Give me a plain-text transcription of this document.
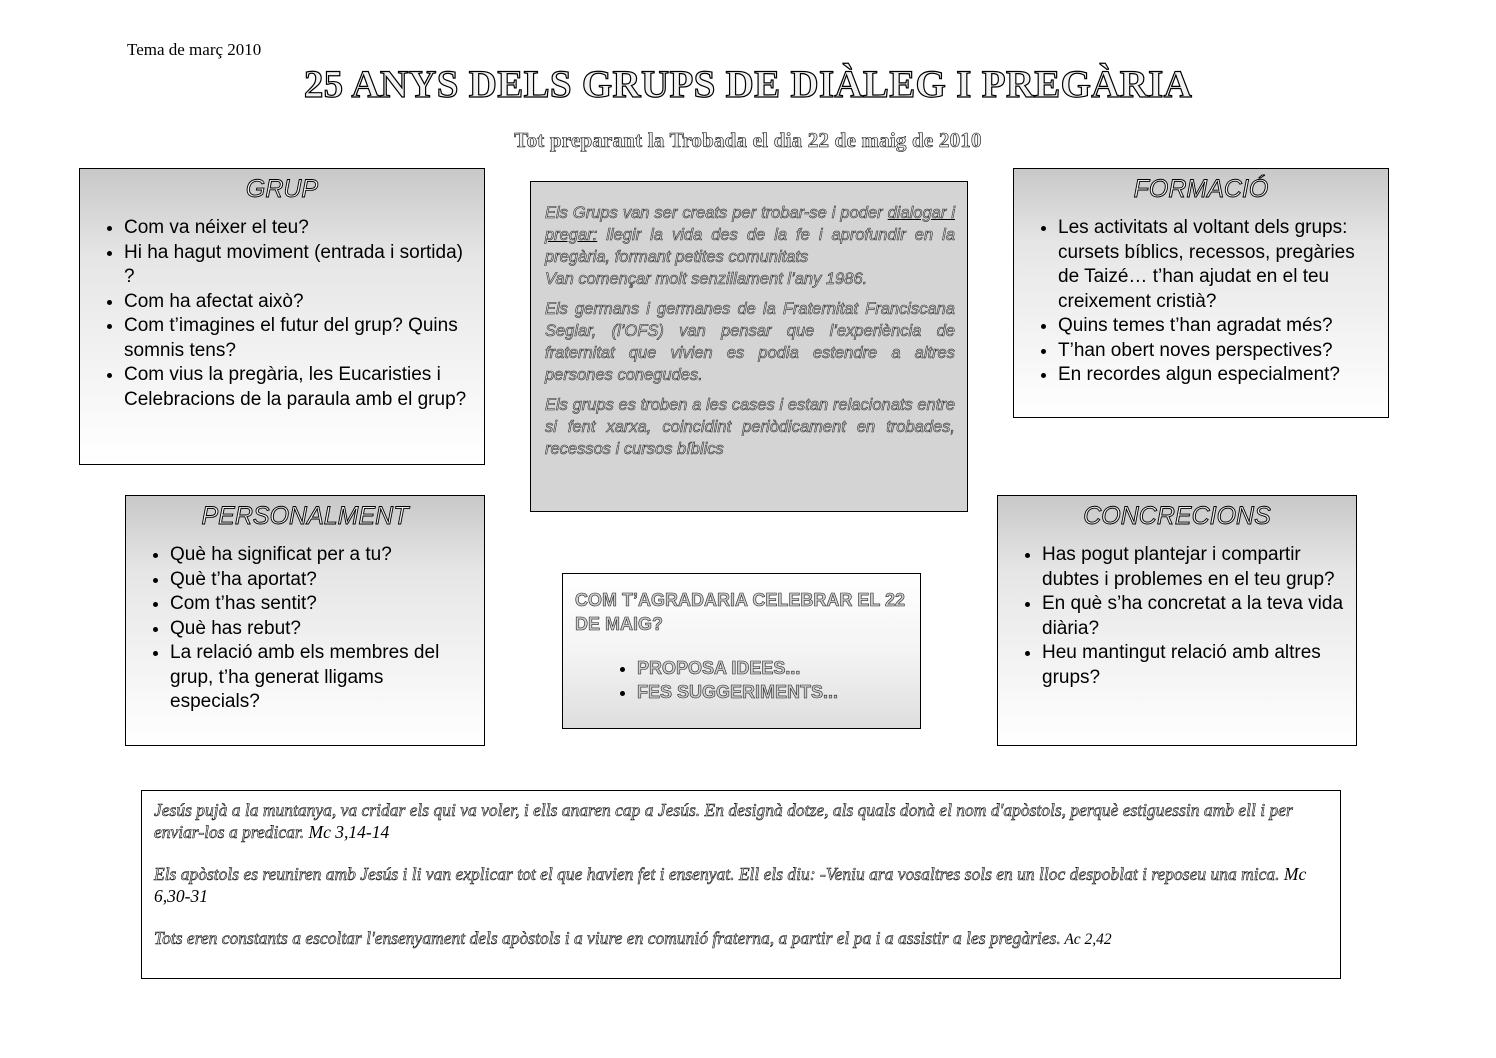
Tema de març 2010
25 ANYS DELS GRUPS DE DIÀLEG I PREGÀRIA
Tot preparant la Trobada el dia 22 de maig de 2010
GRUP
• Com va néixer el teu?
• Hi ha hagut moviment (entrada i sortida) ?
• Com ha afectat això?
• Com t’imagines el futur del grup? Quins somnis tens?
• Com vius la pregària, les Eucaristies i Celebracions de la paraula amb el grup?

Els Grups van ser creats per trobar-se i poder dialogar i pregar: llegir la vida des de la fe i aprofundir en la pregària, formant petites comunitats
Van començar molt senzillament l’any 1986.

Els germans i germanes de la Fraternitat Franciscana Seglar, (l’OFS) van pensar que l’experiència de fraternitat que vivien es podia estendre a altres persones conegudes.

Els grups es troben a les cases i estan relacionats entre si fent xarxa, coincidint periòdicament en trobades, recessos i cursos bíblics

FORMACIÓ
• Les activitats al voltant dels grups: cursets bíblics, recessos, pregàries de Taizé… t’han ajudat en el teu creixement cristià?
• Quins temes t’han agradat més?
• T’han obert noves perspectives?
• En recordes algun especialment?
PERSONALMENT
• Què ha significat per a tu?
• Què t’ha aportat?
• Com t’has sentit?
• Què has rebut?
• La relació amb els membres del grup, t’ha generat lligams especials?
COM T’AGRADARIA CELEBRAR EL 22 DE MAIG?
• PROPOSA IDEES...
• FES SUGGERIMENTS...
CONCRECIONS
• Has pogut plantejar i compartir dubtes i problemes en el teu grup?
• En què s’ha concretat a la teva vida diària?
• Heu mantingut relació amb altres grups?

Jesús pujà a la muntanya, va cridar els qui va voler, i ells anaren cap a Jesús. En designà dotze, als quals donà el nom d'apòstols, perquè estiguessin amb ell i per enviar-los a predicar. Mc 3,14-14

Els apòstols es reuniren amb Jesús i li van explicar tot el que havien fet i ensenyat. Ell els diu: -Veniu ara vosaltres sols en un lloc despoblat i reposeu una mica. Mc 6,30-31

Tots eren constants a escoltar l'ensenyament dels apòstols i a viure en comunió fraterna, a partir el pa i a assistir a les pregàries. Ac 2,42
